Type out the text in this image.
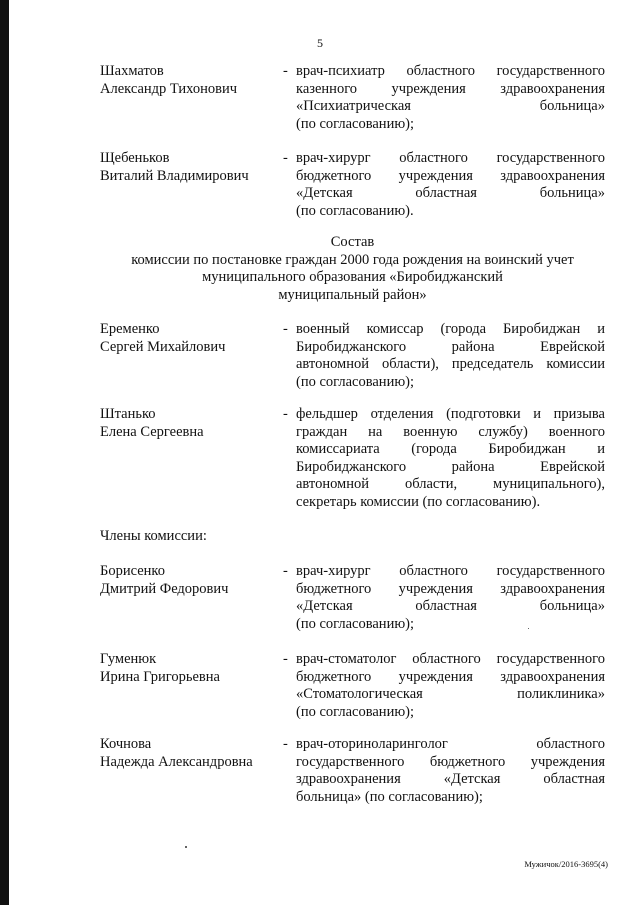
5
Шахматов
Александр Тихонович
- врач-психиатр областного государственного
казенного учреждения здравоохранения
«Психиатрическая больница»
(по согласованию);
Щебеньков
Виталий Владимирович
- врач-хирург областного государственного
бюджетного учреждения здравоохранения
«Детская областная больница»
(по согласованию).
Состав
комиссии по постановке граждан 2000 года рождения на воинский учет
муниципального образования «Биробиджанский
муниципальный район»
Еременко
Сергей Михайлович
- военный комиссар (города Биробиджан и
Биробиджанского района Еврейской
автономной области), председатель комиссии
(по согласованию);
Штанько
Елена Сергеевна
- фельдшер отделения (подготовки и призыва
граждан на военную службу) военного
комиссариата (города Биробиджан и
Биробиджанского района Еврейской
автономной области, муниципального),
секретарь комиссии (по согласованию).
Члены комиссии:
Борисенко
Дмитрий Федорович
- врач-хирург областного государственного
бюджетного учреждения здравоохранения
«Детская областная больница»
(по согласованию);
Гуменюк
Ирина Григорьевна
- врач-стоматолог областного государственного
бюджетного учреждения здравоохранения
«Стоматологическая поликлиника»
(по согласованию);
Кочнова
Надежда Александровна
- врач-оториноларинголог областного
государственного бюджетного учреждения
здравоохранения «Детская областная
больница» (по согласованию);
Мужичок/2016-3695(4)
